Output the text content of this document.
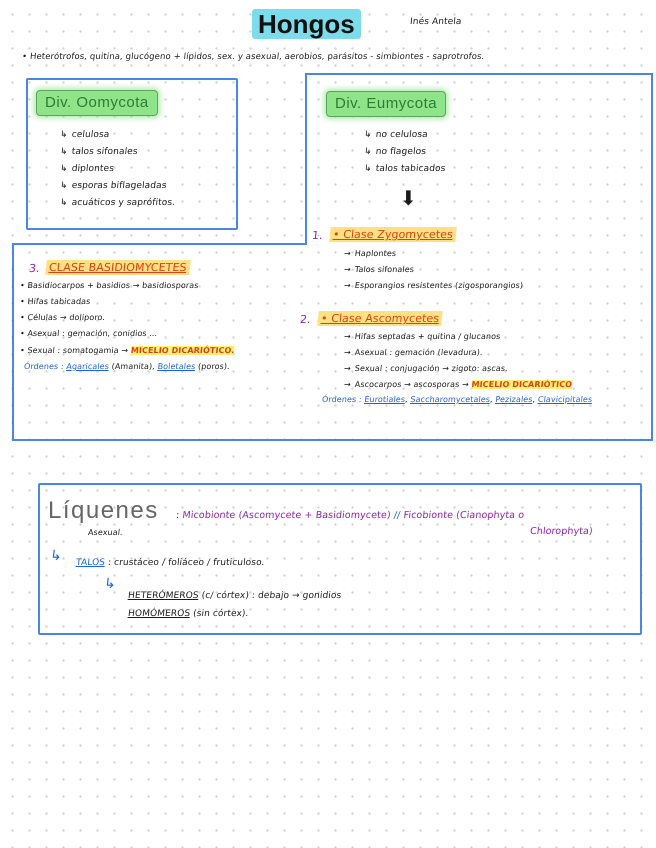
Hongos	Inés Antela
• Heterótrofos, quitina, glucógeno + lípidos, sex. y asexual, aerobios, parásitos - simbiontes - saprotrofos.
Div. Oomycota
↳ celulosa
↳ talos sifonales
↳ diplontes
↳ esporas biflageladas
↳ acuáticos y saprófitos.
Div. Eumycota
↳ no celulosa
↳ no flagelos
↳ talos tabicados
⬇
1. • Clase Zygomycetes
→ Haplontes
→ Talos sifonales
→ Esporangios resistentes (zigosporangios)
2. • Clase Ascomycetes
→ Hifas septadas + quitina / glucanos
→ Asexual : gemación (levadura).
→ Sexual : conjugación → zigoto: ascas.
→ Ascocarpos → ascosporas → MICELIO DICARIÓTICO
Órdenes : Eurotiales, Saccharomycetales, Pezizales, Clavicipitales
3. CLASE BASIDIOMYCETES
• Basidiocarpos + basidios → basidiosporas
• Hifas tabicadas
• Células → doliporo.
• Asexual : gemación, conidios ...
• Sexual : somatogamia → MICELIO DICARIÓTICO.
Órdenes : Agaricales (Amanita), Boletales (poros).
Líquenes : Micobionte (Ascomycete + Basidiomycete) // Ficobionte (Cianophyta o
Chlorophyta)
Asexual.
↳ TALOS : crustáceo / foliáceo / fruticuloso.
↳
HETERÓMEROS (c/ córtex) : debajo → gonidios
HOMÓMEROS (sin córtex).
